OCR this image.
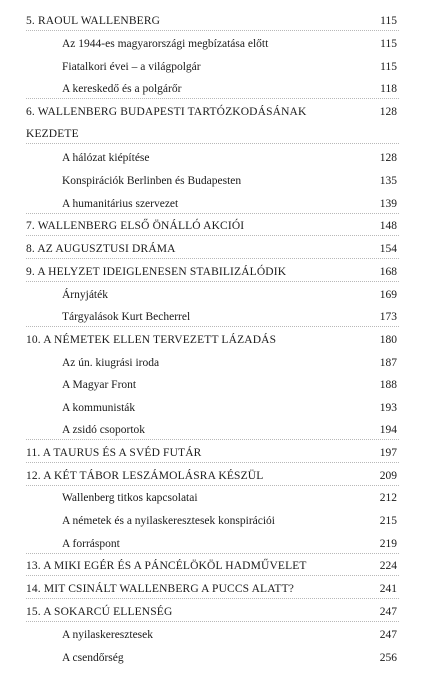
5. RAOUL WALLENBERG	115
Az 1944-es magyarországi megbízatása előtt	115
Fiatalkori évei – a világpolgár	115
A kereskedő és a polgárőr	118
6. WALLENBERG BUDAPESTI TARTÓZKODÁSÁNAK	128
KEZDETE
A hálózat kiépítése	128
Konspirációk Berlinben és Budapesten	135
A humanitárius szervezet	139
7. WALLENBERG ELSŐ ÖNÁLLÓ AKCIÓI	148
8. AZ AUGUSZTUSI DRÁMA	154
9. A HELYZET IDEIGLENESEN STABILIZÁLÓDIK	168
Árnyjáték	169
Tárgyalások Kurt Becherrel	173
10. A NÉMETEK ELLEN TERVEZETT LÁZADÁS	180
Az ún. kiugrási iroda	187
A Magyar Front	188
A kommunisták	193
A zsidó csoportok	194
11. A TAURUS ÉS A SVÉD FUTÁR	197
12. A KÉT TÁBOR LESZÁMOLÁSRA KÉSZÜL	209
Wallenberg titkos kapcsolatai	212
A németek és a nyilaskeresztesek konspirációi	215
A forráspont	219
13. A MIKI EGÉR ÉS A PÁNCÉLÖKÖL HADMŰVELET	224
14. MIT CSINÁLT WALLENBERG A PUCCS ALATT?	241
15. A SOKARCÚ ELLENSÉG	247
A nyilaskeresztesek	247
A csendőrség	256
